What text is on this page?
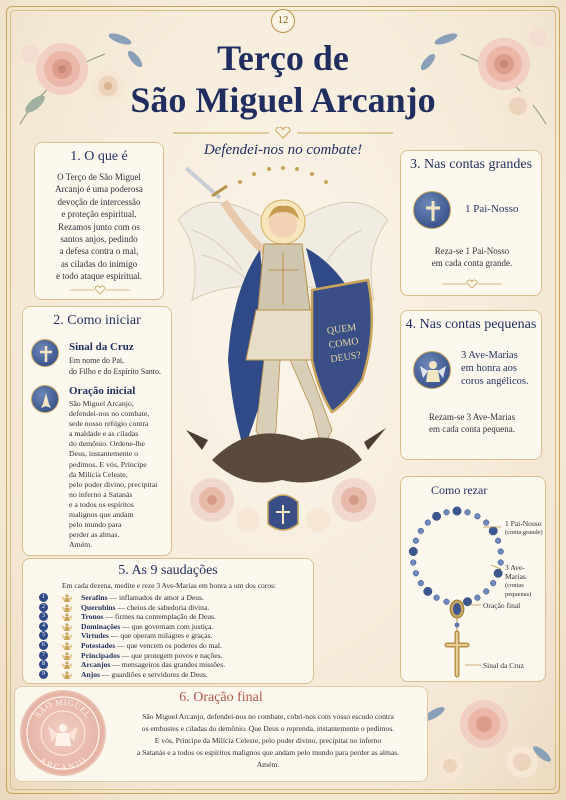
12
Terço de
São Miguel Arcanjo
Defendei-nos no combate!
QUEM
COMO
DEUS?
1. O que é
O Terço de São Miguel
Arcanjo é uma poderosa
devoção de intercessão
e proteção espiritual.
Rezamos junto com os
santos anjos, pedindo
a defesa contra o mal,
as ciladas do inimigo
e todo ataque espiritual.
2. Como iniciar
Sinal da Cruz
Em nome do Pai,
do Filho e do Espírito Santo.
Oração inicial
São Miguel Arcanjo,
defendei-nos no combate,
sede nosso refúgio contra
a maldade e as ciladas
do demônio. Ordene-lhe
Deus, instantemente o
pedimos. E vós, Príncipe
da Milícia Celeste,
pelo poder divino, precipitai
no inferno a Satanás
e a todos os espíritos
malignos que andam
pelo mundo para
perder as almas.
Amém.
3. Nas contas grandes
1 Pai-Nosso
Reza-se 1 Pai-Nosso
em cada conta grande.
4. Nas contas pequenas
3 Ave-Marias
em honra aos
coros angélicos.
Rezam-se 3 Ave-Marias
em cada conta pequena.
Como rezar
1 Pai-Nosso
(conta grande)
3 Ave-Marias
(contas pequenas)
Oração final
Sinal da Cruz
5. As 9 saudações
Em cada dezena, medite e reze 3 Ave-Marias em honra a um dos coros:
1	Serafins — inflamados de amor a Deus.
2	Querubins — cheios de sabedoria divina.
3	Tronos — firmes na contemplação de Deus.
4	Dominações — que governam com justiça.
5	Virtudes — que operam milagres e graças.
6	Potestades — que vencem os poderes do mal.
7	Principados — que protegem povos e nações.
8	Arcanjos — mensageiros das grandes missões.
9	Anjos — guardiões e servidores de Deus.
6. Oração final
São Miguel Arcanjo, defendei-nos no combate, cobri-nos com vosso escudo contra
os embustes e ciladas do demônio. Que Deus o reprenda, instantemente o pedimos.
E vós, Príncipe da Milícia Celeste, pelo poder divino, precipitai no inferno
a Satanás e a todos os espíritos malignos que andam pelo mundo para perder as almas.
Amém.
SÃO MIGUEL
ARCANJO
